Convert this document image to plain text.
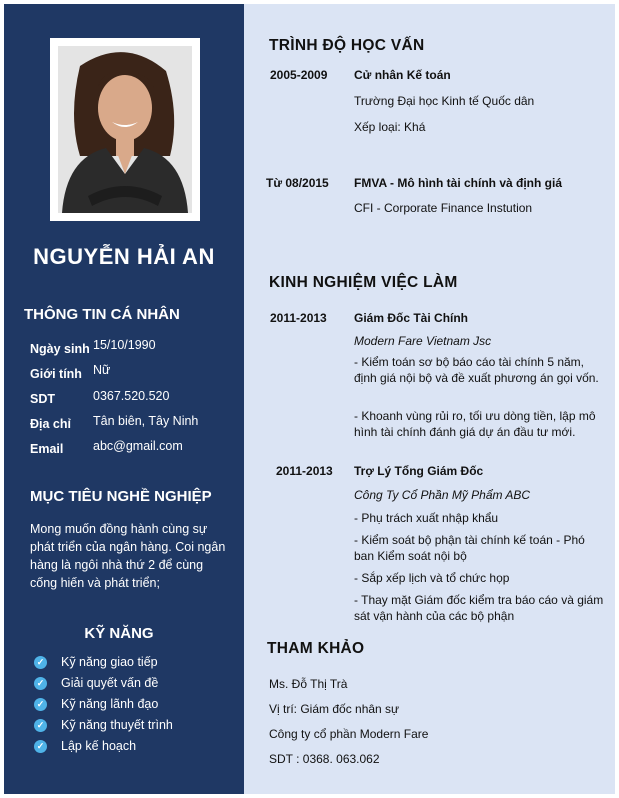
NGUYỄN HẢI AN
THÔNG TIN CÁ NHÂN
Ngày sinh 15/10/1990
Giới tính Nữ
SDT	0367.520.520
Địa chỉ Tân biên, Tây Ninh
Email abc@gmail.com
MỤC TIÊU NGHỀ NGHIỆP
Mong muốn đồng hành cùng sự phát triển của ngân hàng. Coi ngân hàng là ngôi nhà thứ 2 để cùng cống hiến và phát triển;
KỸ NĂNG
✓ Kỹ năng giao tiếp
✓ Giải quyết vấn đề
✓ Kỹ năng lãnh đạo
✓ Kỹ năng thuyết trình
✓ Lập kế hoạch
TRÌNH ĐỘ HỌC VẤN
2005-2009 Cử nhân Kế toán
Trường Đại học Kinh tế Quốc dân
Xếp loại: Khá
Từ 08/2015 FMVA - Mô hình tài chính và định giá
CFI - Corporate Finance Instution
KINH NGHIỆM VIỆC LÀM
2011-2013 Giám Đốc Tài Chính
Modern Fare Vietnam Jsc
- Kiểm toán sơ bộ báo cáo tài chính 5 năm, định giá nội bộ và đề xuất phương án gọi vốn.
- Khoanh vùng rủi ro, tối ưu dòng tiền, lập mô hình tài chính đánh giá dự án đầu tư mới.
2011-2013 Trợ Lý Tổng Giám Đốc
Công Ty Cổ Phần Mỹ Phẩm ABC
- Phụ trách xuất nhập khẩu
- Kiểm soát bộ phận tài chính kế toán - Phó ban Kiểm soát nội bộ
- Sắp xếp lịch và tổ chức họp
- Thay mặt Giám đốc kiểm tra báo cáo và giám sát vận hành của các bộ phận
THAM KHẢO
Ms. Đỗ Thị Trà
Vị trí: Giám đốc nhân sự
Công ty cổ phần Modern Fare
SDT : 0368. 063.062
